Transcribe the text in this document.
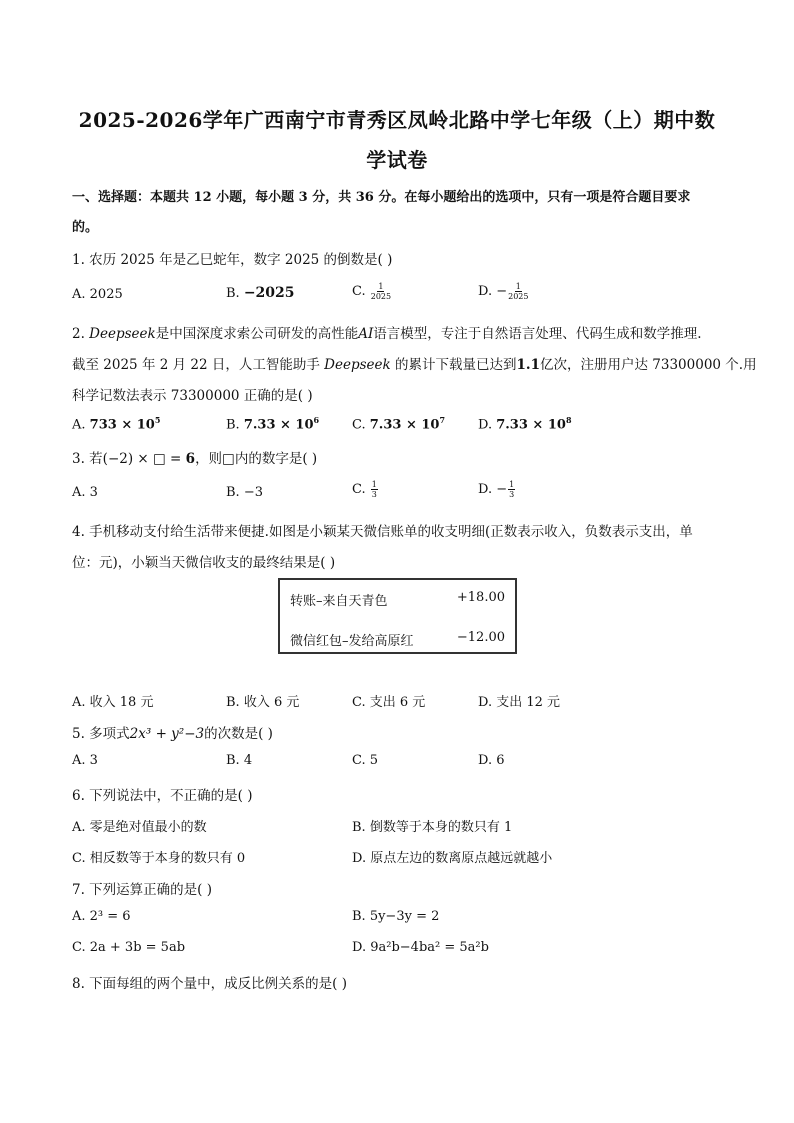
2025-2026学年广西南宁市青秀区凤岭北路中学七年级（上）期中数
学试卷
一、选择题：本题共 12 小题，每小题 3 分，共 36 分。在每小题给出的选项中，只有一项是符合题目要求
的。
1. 农历 2025 年是乙巳蛇年，数字 2025 的倒数是( )
A. 2025	B. −2025	C. $\frac{1}{2025}$	D. − $\frac{1}{2025}$
2. Deepseek是中国深度求索公司研发的高性能AI语言模型，专注于自然语言处理、代码生成和数学推理.
截至 2025 年 2 月 22 日，人工智能助手 Deepseek 的累计下载量已达到1.1亿次，注册用户达 73300000 个.用
科学记数法表示 73300000 正确的是( )
A. $733 \times 10^5$	B. $7.33 \times 10^6$	C. $7.33 \times 10^7$	D. $7.33 \times 10^8$
3. 若(−2) × □ = 6，则□内的数字是( )
A. 3	B. −3	C. $\frac{1}{3}$	D. − $\frac{1}{3}$
4. 手机移动支付给生活带来便捷.如图是小颖某天微信账单的收支明细(正数表示收入，负数表示支出，单
位：元)，小颖当天微信收支的最终结果是( )
转账–来自天青色	+18.00
微信红包–发给高原红	−12.00
A. 收入 18 元	B. 收入 6 元	C. 支出 6 元	D. 支出 12 元
5. 多项式2x³ + y²−3的次数是( )
A. 3	B. 4	C. 5	D. 6
6. 下列说法中，不正确的是( )
A. 零是绝对值最小的数	B. 倒数等于本身的数只有 1
C. 相反数等于本身的数只有 0	D. 原点左边的数离原点越远就越小
7. 下列运算正确的是( )
A. 2³ = 6	B. 5y−3y = 2
C. 2a + 3b = 5ab	D. 9a²b−4ba² = 5a²b
8. 下面每组的两个量中，成反比例关系的是( )
